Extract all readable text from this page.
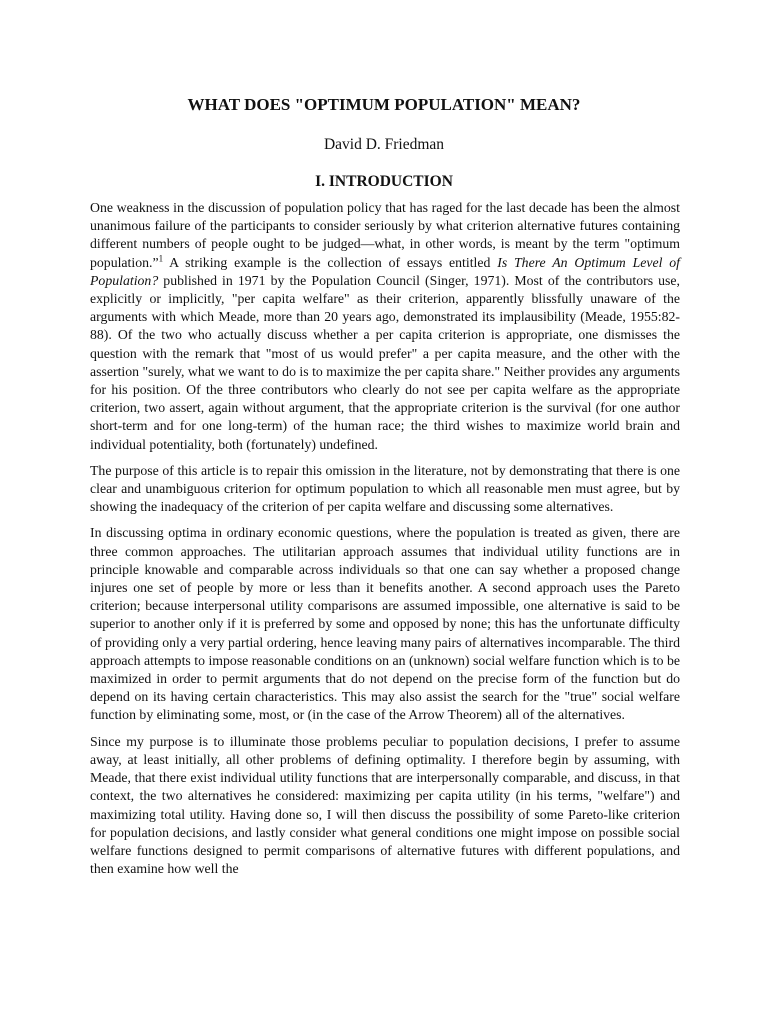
WHAT DOES "OPTIMUM POPULATION" MEAN?
David D. Friedman
I. INTRODUCTION

One weakness in the discussion of population policy that has raged for the last decade has been the almost unanimous failure of the participants to consider seriously by what criterion alternative futures containing different numbers of people ought to be judged—what, in other words, is meant by the term "optimum population.”$^1$ A striking example is the collection of essays entitled Is There An Optimum Level of Population? published in 1971 by the Population Council (Singer, 1971). Most of the contributors use, explicitly or implicitly, "per capita welfare" as their criterion, apparently blissfully unaware of the arguments with which Meade, more than 20 years ago, demonstrated its implausibility (Meade, 1955:82-88). Of the two who actually discuss whether a per capita criterion is appropriate, one dismisses the question with the remark that "most of us would prefer" a per capita measure, and the other with the assertion "surely, what we want to do is to maximize the per capita share." Neither provides any arguments for his position. Of the three contributors who clearly do not see per capita welfare as the appropriate criterion, two assert, again without argument, that the appropriate criterion is the survival (for one author short-term and for one long-term) of the human race; the third wishes to maximize world brain and individual potentiality, both (fortunately) undefined.

The purpose of this article is to repair this omission in the literature, not by demonstrating that there is one clear and unambiguous criterion for optimum population to which all reasonable men must agree, but by showing the inadequacy of the criterion of per capita welfare and discussing some alternatives.

In discussing optima in ordinary economic questions, where the population is treated as given, there are three common approaches. The utilitarian approach assumes that individual utility functions are in principle knowable and comparable across individuals so that one can say whether a proposed change injures one set of people by more or less than it benefits another. A second approach uses the Pareto criterion; because interpersonal utility comparisons are assumed impossible, one alternative is said to be superior to another only if it is preferred by some and opposed by none; this has the unfortunate difficulty of providing only a very partial ordering, hence leaving many pairs of alternatives incomparable. The third approach attempts to impose reasonable conditions on an (unknown) social welfare function which is to be maximized in order to permit arguments that do not depend on the precise form of the function but do depend on its having certain characteristics. This may also assist the search for the "true" social welfare function by eliminating some, most, or (in the case of the Arrow Theorem) all of the alternatives.

Since my purpose is to illuminate those problems peculiar to population decisions, I prefer to assume away, at least initially, all other problems of defining optimality. I therefore begin by assuming, with Meade, that there exist individual utility functions that are interpersonally comparable, and discuss, in that context, the two alternatives he considered: maximizing per capita utility (in his terms, "welfare") and maximizing total utility. Having done so, I will then discuss the possibility of some Pareto-like criterion for population decisions, and lastly consider what general conditions one might impose on possible social welfare functions designed to permit comparisons of alternative futures with different populations, and then examine how well the
